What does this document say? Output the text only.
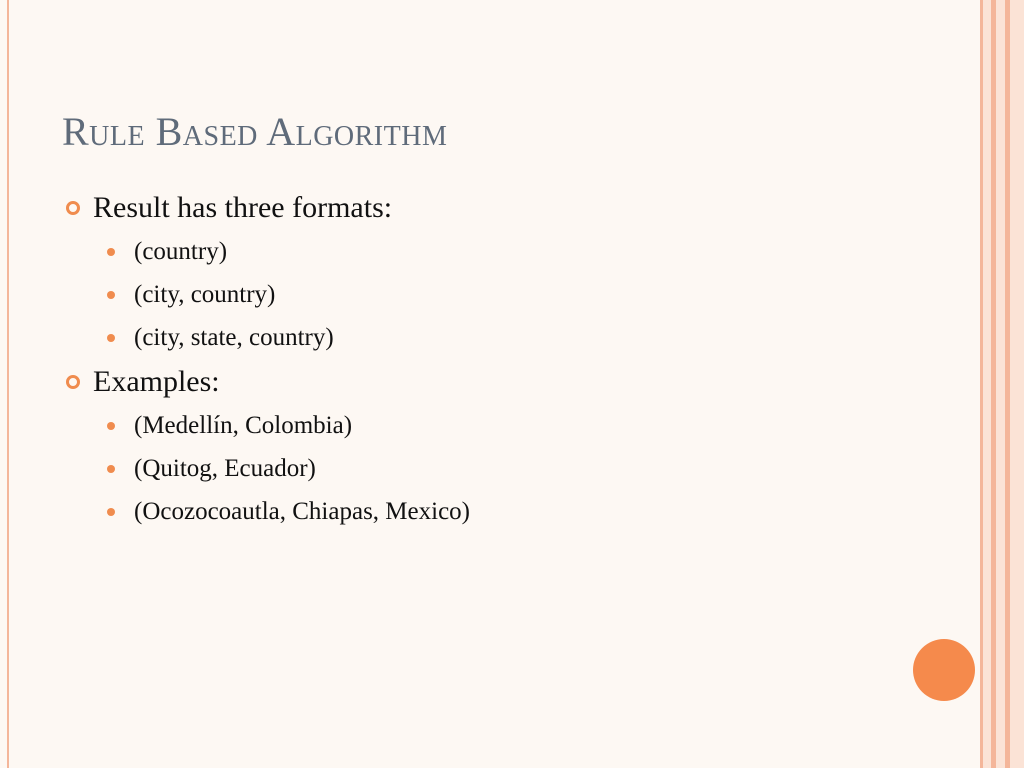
Rule Based Algorithm
Result has three formats:
(country)
(city, country)
(city, state, country)
Examples:
(Medellín, Colombia)
(Quitog, Ecuador)
(Ocozocoautla, Chiapas, Mexico)
